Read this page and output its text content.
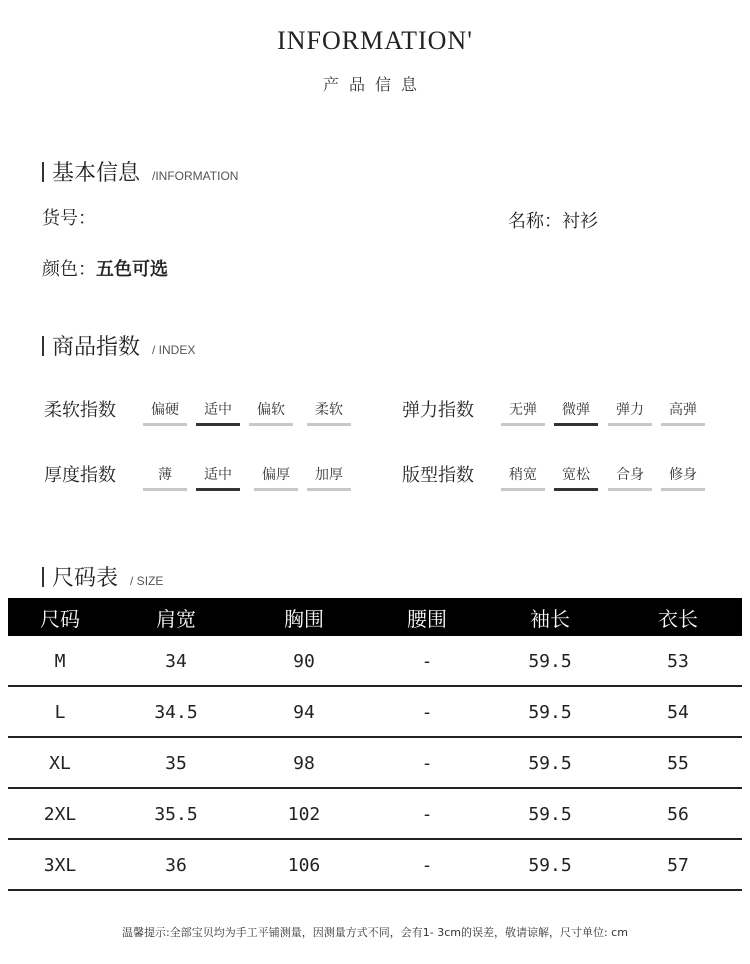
INFORMATION'
产品信息
基本信息 /INFORMATION
货号：	名称：衬衫
颜色：五色可选
商品指数 / INDEX
柔软指数	弹力指数
厚度指数	版型指数
偏硬	适中	偏软	柔软	无弹	微弹	弹力	高弹
薄	适中	偏厚	加厚	稍宽	宽松	合身	修身
尺码表 / SIZE
尺码	肩宽	胸围	腰围	袖长	衣长
M	34	90	-	59.5	53
L	34.5	94	-	59.5	54
XL	35	98	-	59.5	55
2XL	35.5	102	-	59.5	56
3XL	36	106	-	59.5	57
温馨提示:全部宝贝均为手工平铺测量，因测量方式不同，会有1- 3cm的误差，敬请谅解，尺寸单位: cm
